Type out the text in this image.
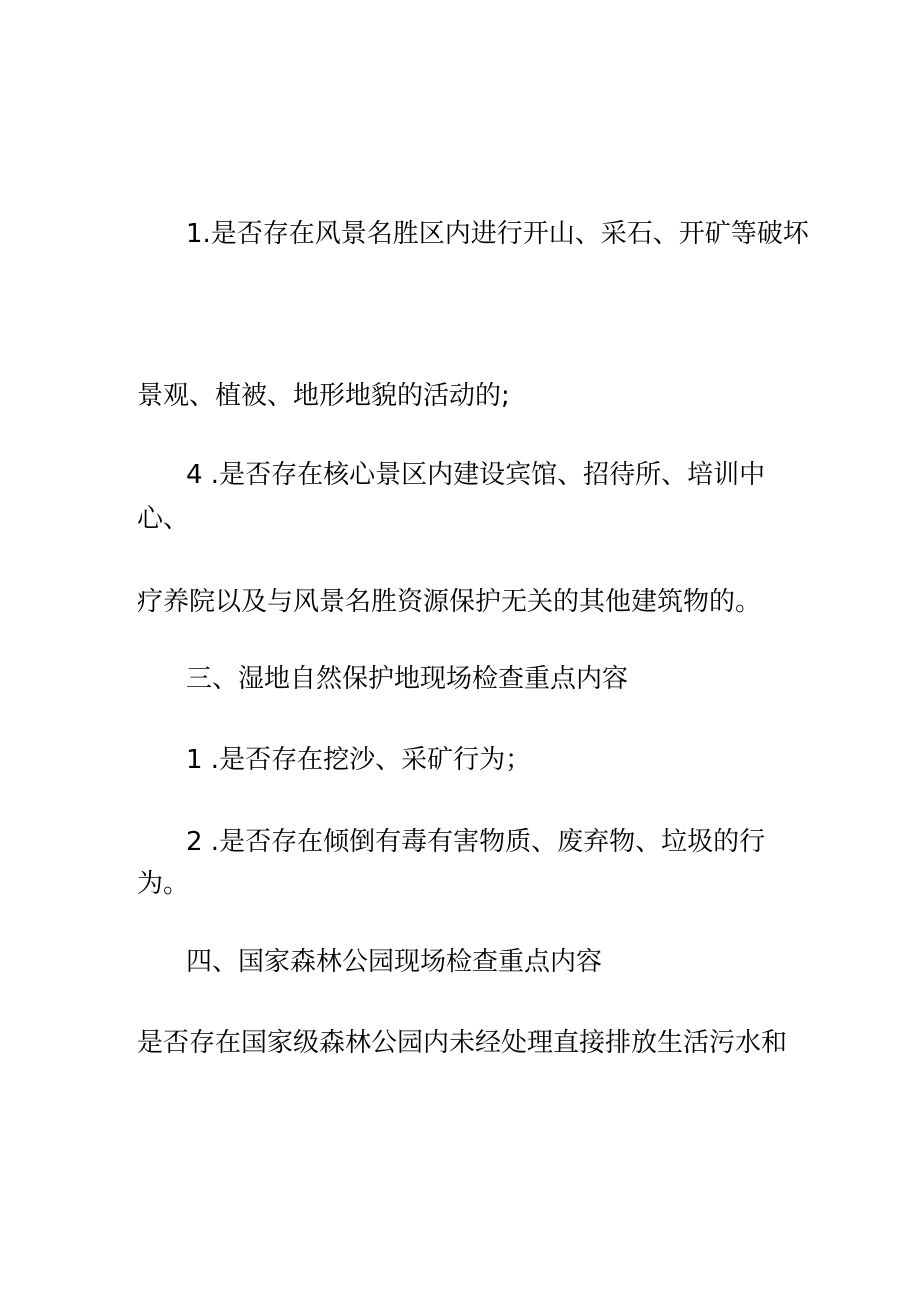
1.是否存在风景名胜区内进行开山、采石、开矿等破坏

景观、植被、地形地貌的活动的;

4 .是否存在核心景区内建设宾馆、招待所、培训中

心、

疗养院以及与风景名胜资源保护无关的其他建筑物的。

三、湿地自然保护地现场检查重点内容

1 .是否存在挖沙、采矿行为；

2 .是否存在倾倒有毒有害物质、废弃物、垃圾的行

为。

四、国家森林公园现场检查重点内容

是否存在国家级森林公园内未经处理直接排放生活污水和
